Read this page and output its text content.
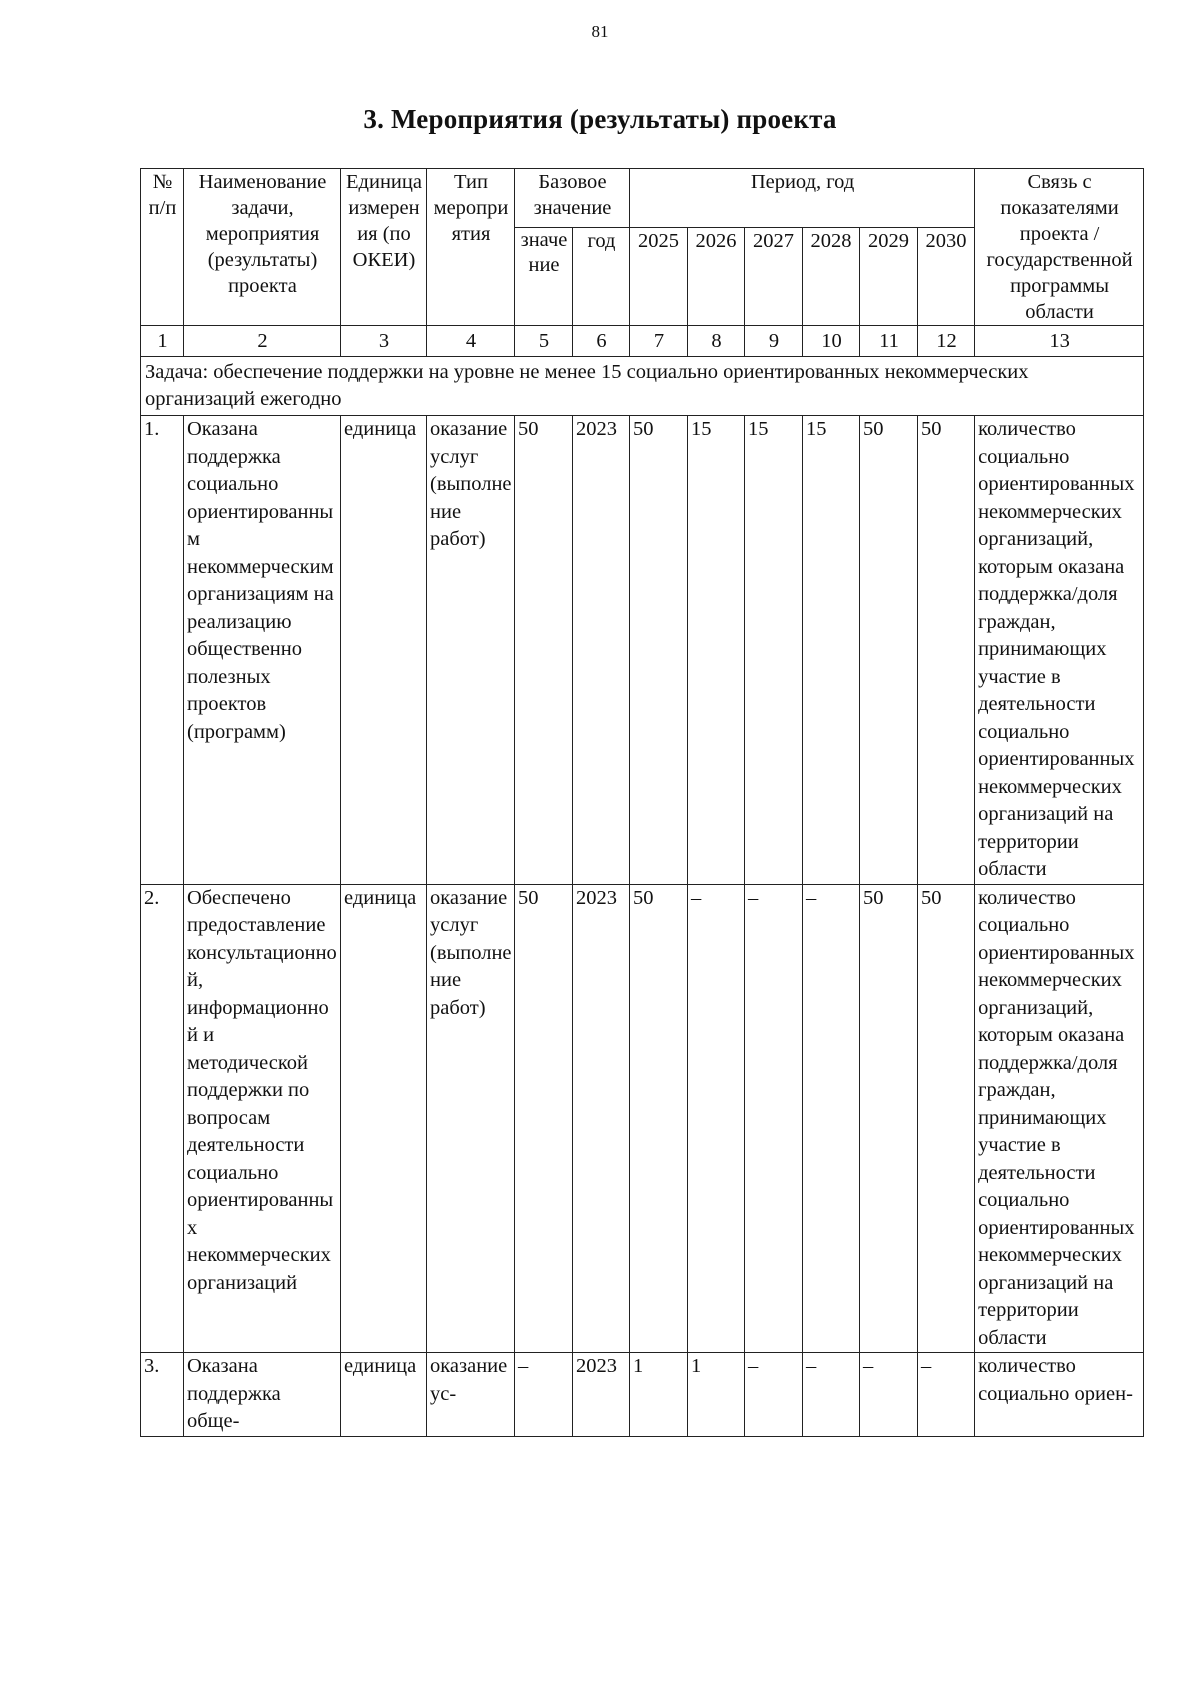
81
3. Мероприятия (результаты) проекта
№ п/п	Наименование задачи, мероприятия (результаты) проекта	Единица измерения (по ОКЕИ)	Тип мероприятия	Базовое значение		Период, год						Связь с показателями проекта /государственной программы области
				значение	год	2025	2026	2027	2028	2029	2030	
1	2	3	4	5	6	7	8	9	10	11	12	13
Задача: обеспечение поддержки на уровне не менее 15 социально ориентированных некоммерческих организаций ежегодно												
1.	Оказана поддержка социально ориентированным некоммерческим организациям на реализацию общественно полезных проектов (программ)	единица	оказание услуг (выполнение работ)	50	2023	50	15	15	15	50	50	количество социально ориентированных некоммерческих организаций, которым оказана поддержка/доля граждан, принимающих участие в деятельности социально ориентированных некоммерческих организаций на территории области
2.	Обеспечено предоставление консультационной, информационной и методической поддержки по вопросам деятельности социально ориентированных некоммерческих организаций	единица	оказание услуг (выполнение работ)	50	2023	50	–	–	–	50	50	количество социально ориентированных некоммерческих организаций, которым оказана поддержка/доля граждан, принимающих участие в деятельности социально ориентированных некоммерческих организаций на территории области
3.	Оказана поддержка обще-	единица	оказание ус-	–	2023	1	1	–	–	–	–	количество социально ориен-
